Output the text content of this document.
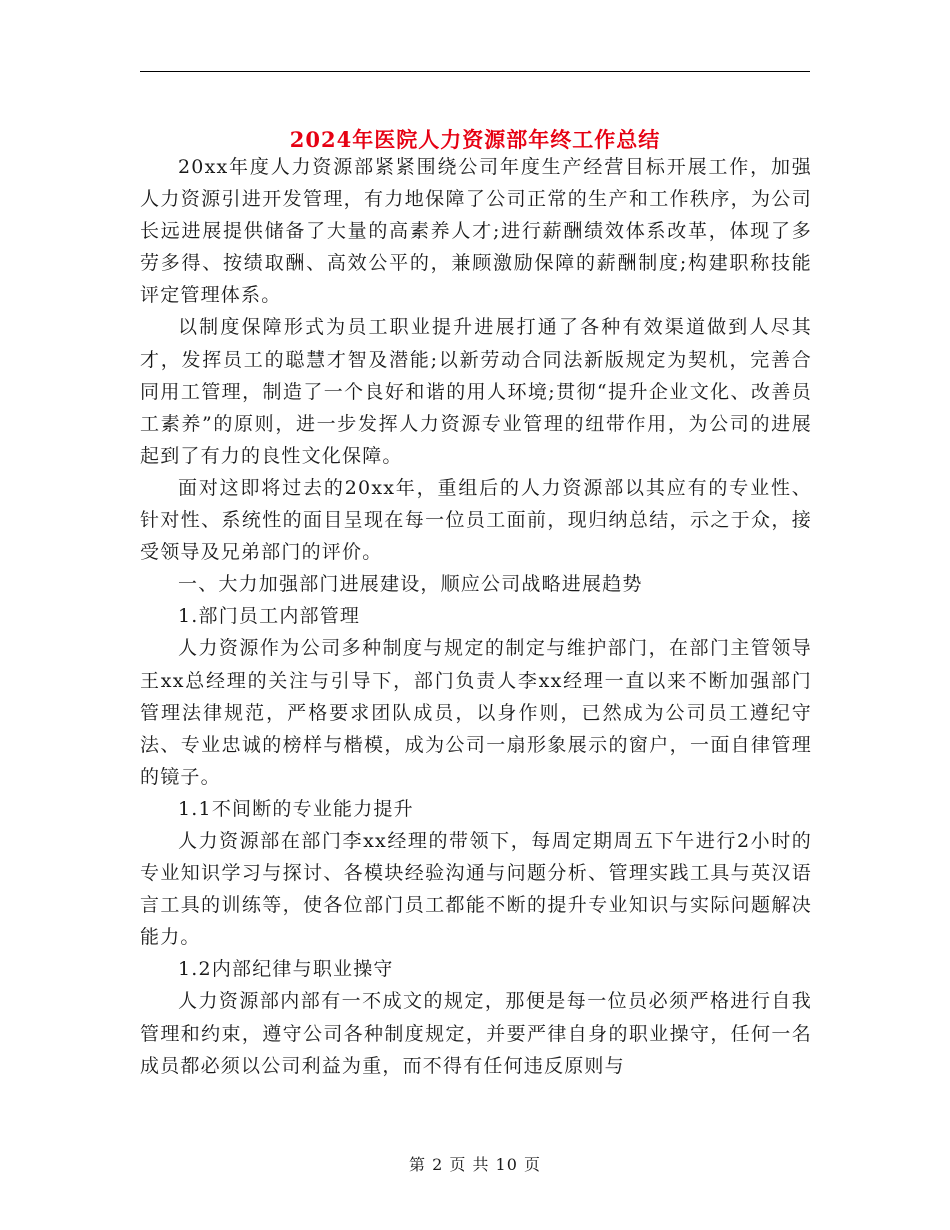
2024年医院人力资源部年终工作总结

20xx年度人力资源部紧紧围绕公司年度生产经营目标开展工作，加强人力资源引进开发管理，有力地保障了公司正常的生产和工作秩序，为公司长远进展提供储备了大量的高素养人才;进行薪酬绩效体系改革，体现了多劳多得、按绩取酬、高效公平的，兼顾激励保障的薪酬制度;构建职称技能评定管理体系。

以制度保障形式为员工职业提升进展打通了各种有效渠道做到人尽其才，发挥员工的聪慧才智及潜能;以新劳动合同法新版规定为契机，完善合同用工管理，制造了一个良好和谐的用人环境;贯彻“提升企业文化、改善员工素养”的原则，进一步发挥人力资源专业管理的纽带作用，为公司的进展起到了有力的良性文化保障。

面对这即将过去的20xx年，重组后的人力资源部以其应有的专业性、针对性、系统性的面目呈现在每一位员工面前，现归纳总结，示之于众，接受领导及兄弟部门的评价。

一、大力加强部门进展建设，顺应公司战略进展趋势

1.部门员工内部管理

人力资源作为公司多种制度与规定的制定与维护部门，在部门主管领导王xx总经理的关注与引导下，部门负责人李xx经理一直以来不断加强部门管理法律规范，严格要求团队成员，以身作则，已然成为公司员工遵纪守法、专业忠诚的榜样与楷模，成为公司一扇形象展示的窗户，一面自律管理的镜子。

1.1不间断的专业能力提升

人力资源部在部门李xx经理的带领下，每周定期周五下午进行2小时的专业知识学习与探讨、各模块经验沟通与问题分析、管理实践工具与英汉语言工具的训练等，使各位部门员工都能不断的提升专业知识与实际问题解决能力。

1.2内部纪律与职业操守

人力资源部内部有一不成文的规定，那便是每一位员必须严格进行自我管理和约束，遵守公司各种制度规定，并要严律自身的职业操守，任何一名成员都必须以公司利益为重，而不得有任何违反原则与

第 2 页 共 10 页
